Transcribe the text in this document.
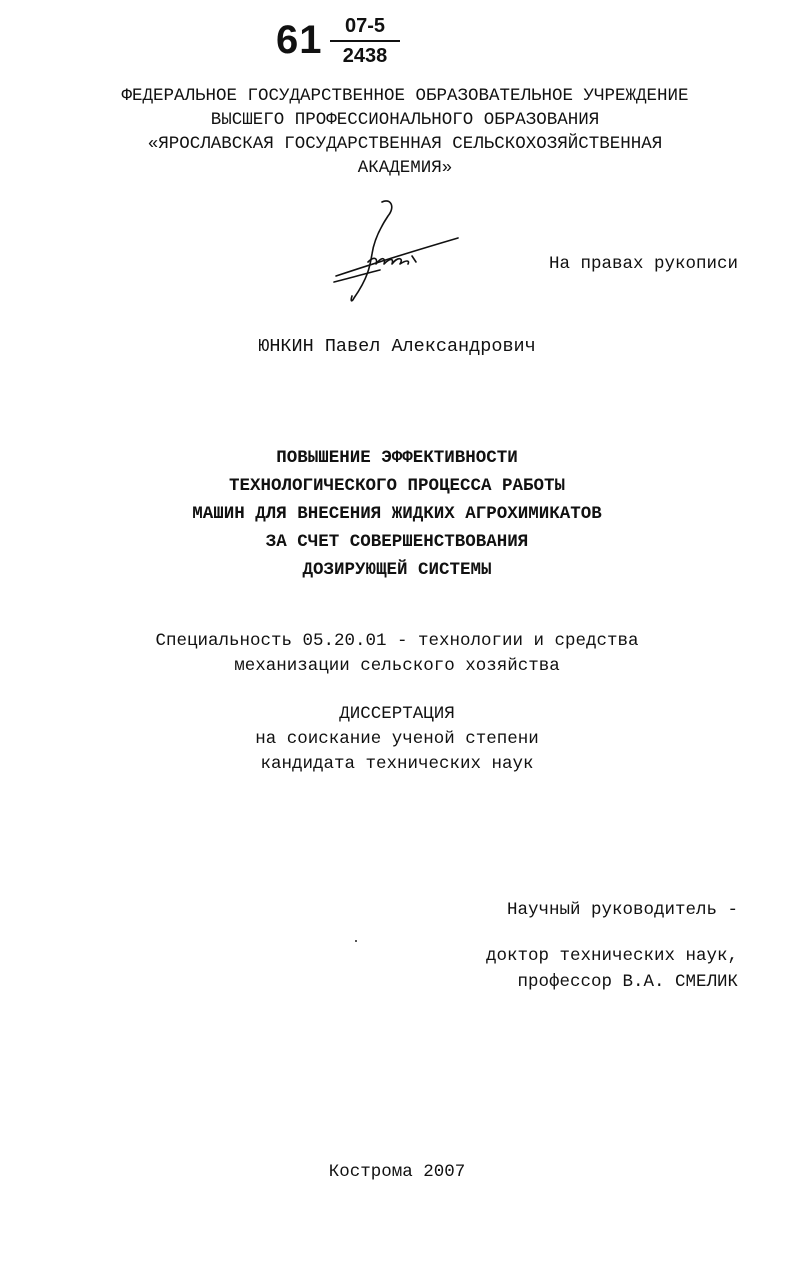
61	07-5
2438
ФЕДЕРАЛЬНОЕ ГОСУДАРСТВЕННОЕ ОБРАЗОВАТЕЛЬНОЕ УЧРЕЖДЕНИЕ
ВЫСШЕГО ПРОФЕССИОНАЛЬНОГО ОБРАЗОВАНИЯ
«ЯРОСЛАВСКАЯ ГОСУДАРСТВЕННАЯ СЕЛЬСКОХОЗЯЙСТВЕННАЯ
АКАДЕМИЯ»
На правах рукописи
ЮНКИН Павел Александрович
ПОВЫШЕНИЕ ЭФФЕКТИВНОСТИ
ТЕХНОЛОГИЧЕСКОГО ПРОЦЕССА РАБОТЫ
МАШИН ДЛЯ ВНЕСЕНИЯ ЖИДКИХ АГРОХИМИКАТОВ
ЗА СЧЕТ СОВЕРШЕНСТВОВАНИЯ
ДОЗИРУЮЩЕЙ СИСТЕМЫ
Специальность 05.20.01 - технологии и средства
механизации сельского хозяйства
ДИССЕРТАЦИЯ
на соискание ученой степени
кандидата технических наук
Научный руководитель -
доктор технических наук,
профессор В.А. СМЕЛИК
Кострома 2007
